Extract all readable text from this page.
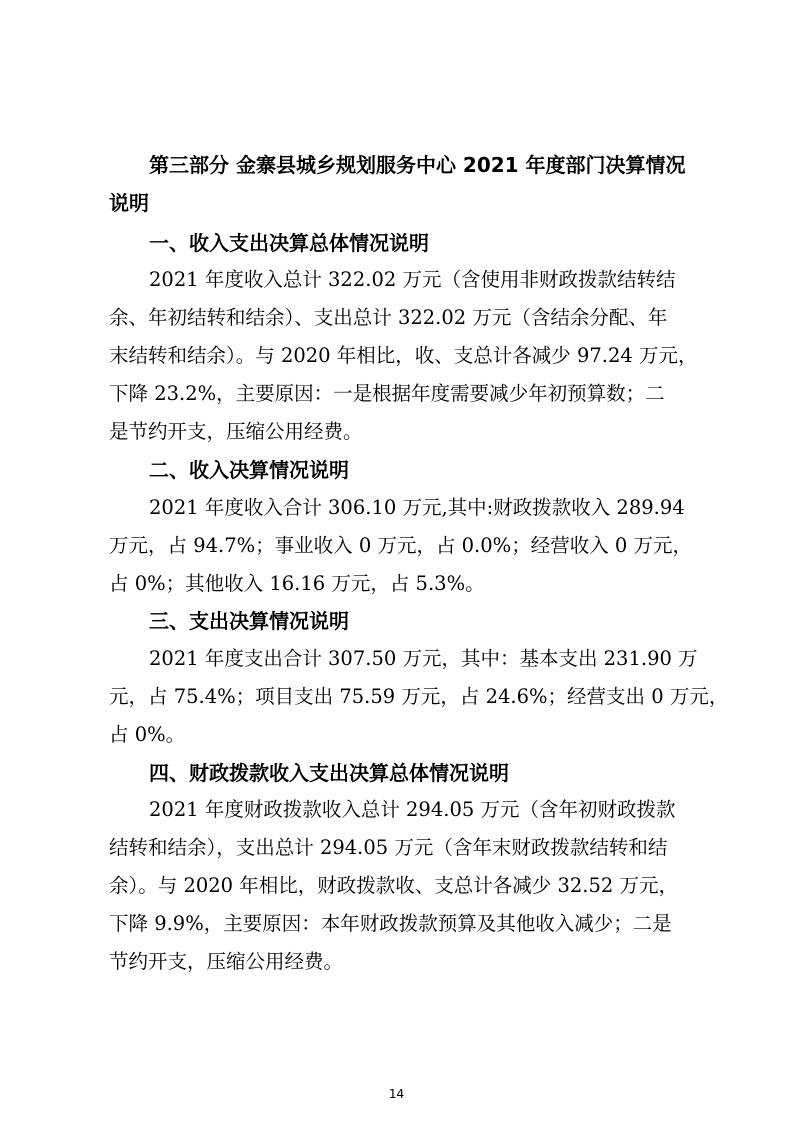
第三部分 金寨县城乡规划服务中心 2021 年度部门决算情况
说明
一、收入支出决算总体情况说明
2021 年度收入总计 322.02 万元（含使用非财政拨款结转结
余、年初结转和结余）、支出总计 322.02 万元（含结余分配、年
末结转和结余）。与 2020 年相比，收、支总计各减少 97.24 万元，
下降 23.2%，主要原因：一是根据年度需要减少年初预算数；二
是节约开支，压缩公用经费。
二、收入决算情况说明
2021 年度收入合计 306.10 万元,其中:财政拨款收入 289.94
万元，占 94.7%；事业收入 0 万元，占 0.0%；经营收入 0 万元，
占 0%；其他收入 16.16 万元，占 5.3%。
三、支出决算情况说明
2021 年度支出合计 307.50 万元，其中：基本支出 231.90 万
元，占 75.4%；项目支出 75.59 万元，占 24.6%；经营支出 0 万元，
占 0%。
四、财政拨款收入支出决算总体情况说明
2021 年度财政拨款收入总计 294.05 万元（含年初财政拨款
结转和结余），支出总计 294.05 万元（含年末财政拨款结转和结
余）。与 2020 年相比，财政拨款收、支总计各减少 32.52 万元，
下降 9.9%，主要原因：本年财政拨款预算及其他收入减少；二是
节约开支，压缩公用经费。
14
